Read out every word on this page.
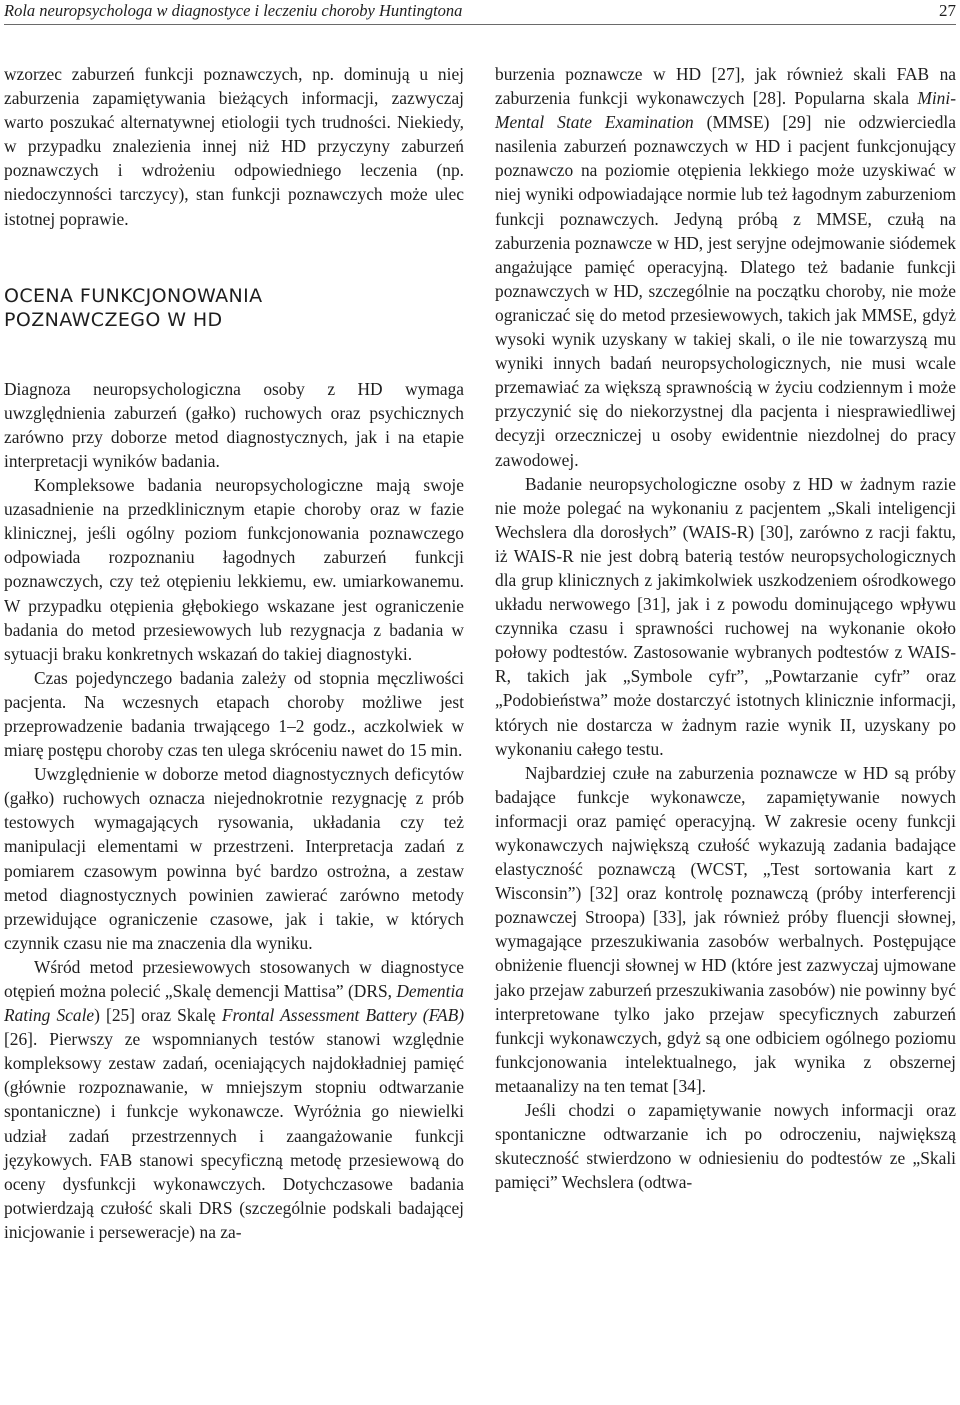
Rola neuropsychologa w diagnostyce i leczeniu choroby Huntingtona	27

wzorzec zaburzeń funkcji poznawczych, np. dominują u niej zaburzenia zapamiętywania bieżących informacji, zazwyczaj warto poszukać alternatywnej etiologii tych trudności. Niekiedy, w przypadku znalezienia innej niż HD przyczyny zaburzeń poznawczych i wdrożeniu odpowiedniego leczenia (np. niedoczynności tarczycy), stan funkcji poznawczych może ulec istotnej poprawie.

OCENA FUNKCJONOWANIA
POZNAWCZEGO W HD

Diagnoza neuropsychologiczna osoby z HD wymaga uwzględnienia zaburzeń (gałko) ruchowych oraz psychicznych zarówno przy doborze metod diagnostycznych, jak i na etapie interpretacji wyników badania.

Kompleksowe badania neuropsychologiczne mają swoje uzasadnienie na przedklinicznym etapie choroby oraz w fazie klinicznej, jeśli ogólny poziom funkcjonowania poznawczego odpowiada rozpoznaniu łagodnych zaburzeń funkcji poznawczych, czy też otępieniu lekkiemu, ew. umiarkowanemu. W przypadku otępienia głębokiego wskazane jest ograniczenie badania do metod przesiewowych lub rezygnacja z badania w sytuacji braku konkretnych wskazań do takiej diagnostyki.

Czas pojedynczego badania zależy od stopnia męczliwości pacjenta. Na wczesnych etapach choroby możliwe jest przeprowadzenie badania trwającego 1–2 godz., aczkolwiek w miarę postępu choroby czas ten ulega skróceniu nawet do 15 min.

Uwzględnienie w doborze metod diagnostycznych deficytów (gałko) ruchowych oznacza niejednokrotnie rezygnację z prób testowych wymagających rysowania, układania czy też manipulacji elementami w przestrzeni. Interpretacja zadań z pomiarem czasowym powinna być bardzo ostrożna, a zestaw metod diagnostycznych powinien zawierać zarówno metody przewidujące ograniczenie czasowe, jak i takie, w których czynnik czasu nie ma znaczenia dla wyniku.

Wśród metod przesiewowych stosowanych w diagnostyce otępień można polecić „Skalę demencji Mattisa” (DRS, Dementia Rating Scale) [25] oraz Skalę Frontal Assessment Battery (FAB) [26]. Pierwszy ze wspomnianych testów stanowi względnie kompleksowy zestaw zadań, oceniających najdokładniej pamięć (głównie rozpoznawanie, w mniejszym stopniu odtwarzanie spontaniczne) i funkcje wykonawcze. Wyróżnia go niewielki udział zadań przestrzennych i zaangażowanie funkcji językowych. FAB stanowi specyficzną metodę przesiewową do oceny dysfunkcji wykonawczych. Dotychczasowe badania potwierdzają czułość skali DRS (szczególnie podskali badającej inicjowanie i perseweracje) na za-

burzenia poznawcze w HD [27], jak również skali FAB na zaburzenia funkcji wykonawczych [28]. Popularna skala Mini-Mental State Examination (MMSE) [29] nie odzwierciedla nasilenia zaburzeń poznawczych w HD i pacjent funkcjonujący poznawczo na poziomie otępienia lekkiego może uzyskiwać w niej wyniki odpowiadające normie lub też łagodnym zaburzeniom funkcji poznawczych. Jedyną próbą z MMSE, czułą na zaburzenia poznawcze w HD, jest seryjne odejmowanie siódemek angażujące pamięć operacyjną. Dlatego też badanie funkcji poznawczych w HD, szczególnie na początku choroby, nie może ograniczać się do metod przesiewowych, takich jak MMSE, gdyż wysoki wynik uzyskany w takiej skali, o ile nie towarzyszą mu wyniki innych badań neuropsychologicznych, nie musi wcale przemawiać za większą sprawnością w życiu codziennym i może przyczynić się do niekorzystnej dla pacjenta i niesprawiedliwej decyzji orzeczniczej u osoby ewidentnie niezdolnej do pracy zawodowej.

Badanie neuropsychologiczne osoby z HD w żadnym razie nie może polegać na wykonaniu z pacjentem „Skali inteligencji Wechslera dla dorosłych” (WAIS-R) [30], zarówno z racji faktu, iż WAIS-R nie jest dobrą baterią testów neuropsychologicznych dla grup klinicznych z jakimkolwiek uszkodzeniem ośrodkowego układu nerwowego [31], jak i z powodu dominującego wpływu czynnika czasu i sprawności ruchowej na wykonanie około połowy podtestów. Zastosowanie wybranych podtestów z WAIS-R, takich jak „Symbole cyfr”, „Powtarzanie cyfr” oraz „Podobieństwa” może dostarczyć istotnych klinicznie informacji, których nie dostarcza w żadnym razie wynik II, uzyskany po wykonaniu całego testu.

Najbardziej czułe na zaburzenia poznawcze w HD są próby badające funkcje wykonawcze, zapamiętywanie nowych informacji oraz pamięć operacyjną. W zakresie oceny funkcji wykonawczych największą czułość wykazują zadania badające elastyczność poznawczą (WCST, „Test sortowania kart z Wisconsin”) [32] oraz kontrolę poznawczą (próby interferencji poznawczej Stroopa) [33], jak również próby fluencji słownej, wymagające przeszukiwania zasobów werbalnych. Postępujące obniżenie fluencji słownej w HD (które jest zazwyczaj ujmowane jako przejaw zaburzeń przeszukiwania zasobów) nie powinny być interpretowane tylko jako przejaw specyficznych zaburzeń funkcji wykonawczych, gdyż są one odbiciem ogólnego poziomu funkcjonowania intelektualnego, jak wynika z obszernej metaanalizy na ten temat [34].

Jeśli chodzi o zapamiętywanie nowych informacji oraz spontaniczne odtwarzanie ich po odroczeniu, największą skuteczność stwierdzono w odniesieniu do podtestów ze „Skali pamięci” Wechslera (odtwa-
